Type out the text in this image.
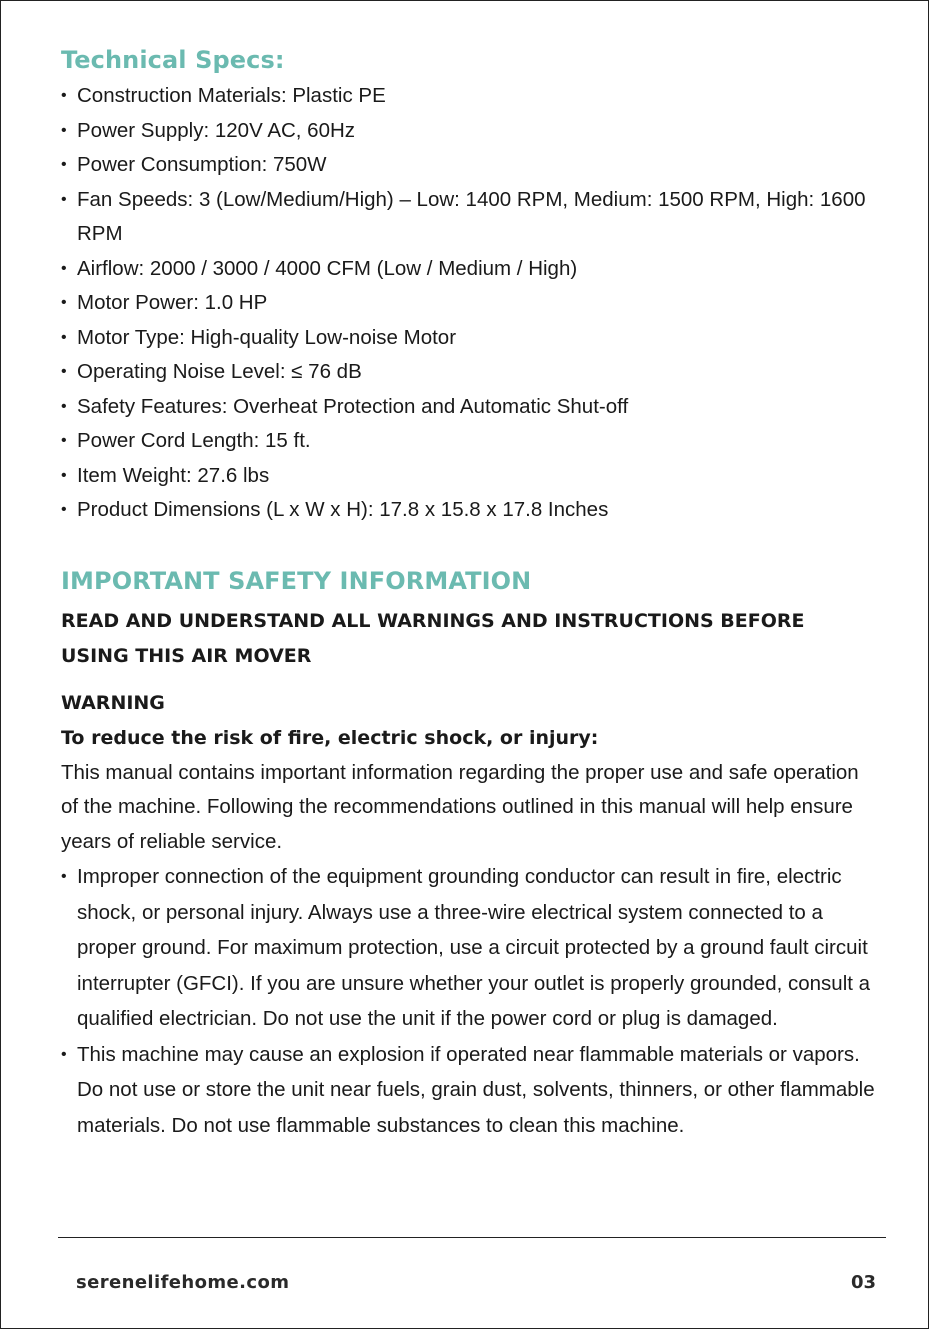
Technical Specs:
• Construction Materials: Plastic PE
• Power Supply: 120V AC, 60Hz
• Power Consumption: 750W
• Fan Speeds: 3 (Low/Medium/High) – Low: 1400 RPM, Medium: 1500 RPM, High: 1600 RPM
• Airflow: 2000 / 3000 / 4000 CFM (Low / Medium / High)
• Motor Power: 1.0 HP
• Motor Type: High-quality Low-noise Motor
• Operating Noise Level: ≤ 76 dB
• Safety Features: Overheat Protection and Automatic Shut-off
• Power Cord Length: 15 ft.
• Item Weight: 27.6 lbs
• Product Dimensions (L x W x H): 17.8 x 15.8 x 17.8 Inches
IMPORTANT SAFETY INFORMATION

READ AND UNDERSTAND ALL WARNINGS AND INSTRUCTIONS BEFORE USING THIS AIR MOVER

WARNING

To reduce the risk of fire, electric shock, or injury:

This manual contains important information regarding the proper use and safe operation of the machine. Following the recommendations outlined in this manual will help ensure years of reliable service.

• Improper connection of the equipment grounding conductor can result in fire, electric shock, or personal injury. Always use a three-wire electrical system connected to a proper ground. For maximum protection, use a circuit protected by a ground fault circuit interrupter (GFCI). If you are unsure whether your outlet is properly grounded, consult a qualified electrician. Do not use the unit if the power cord or plug is damaged.
• This machine may cause an explosion if operated near flammable materials or vapors. Do not use or store the unit near fuels, grain dust, solvents, thinners, or other flammable materials. Do not use flammable substances to clean this machine.
serenelifehome.com	03
